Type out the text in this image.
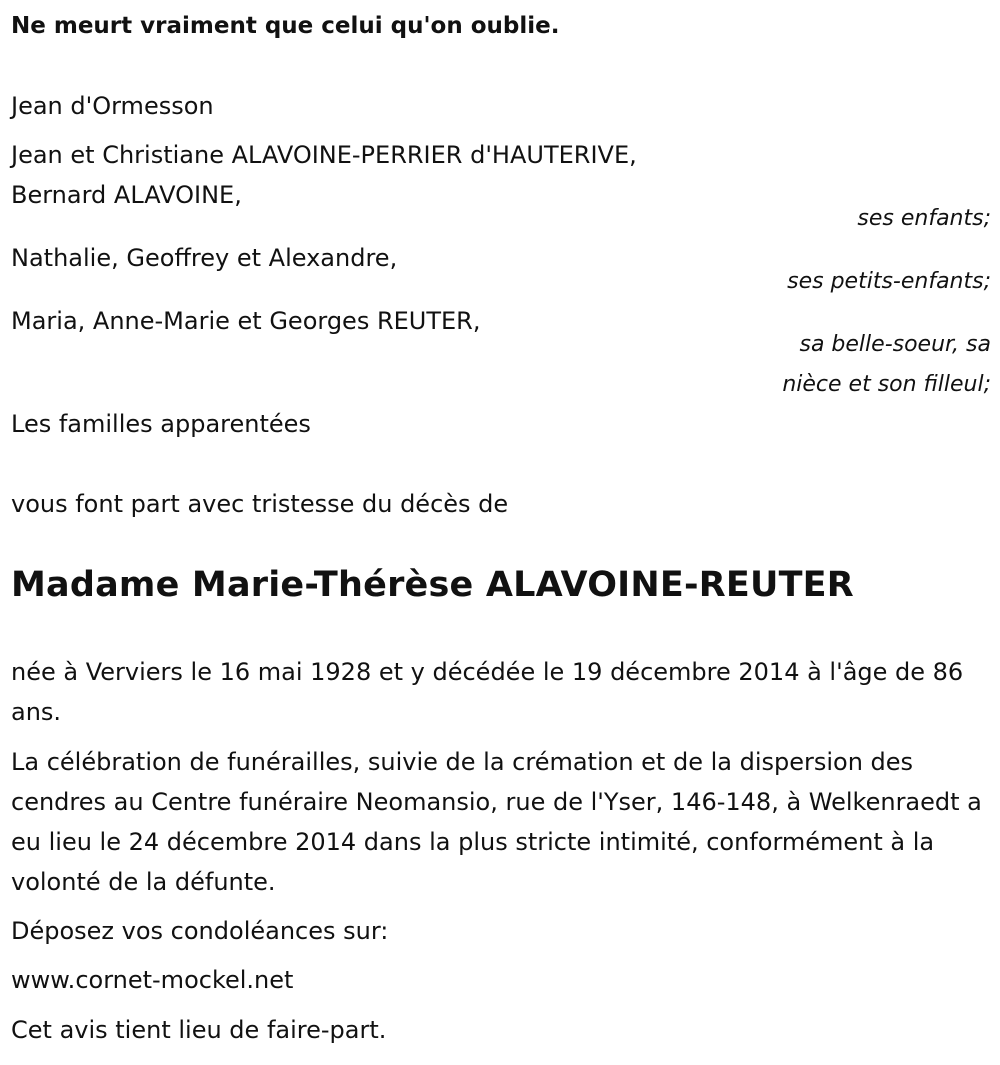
Ne meurt vraiment que celui qu'on oublie.
Jean d'Ormesson
Jean et Christiane ALAVOINE-PERRIER d'HAUTERIVE,
Bernard ALAVOINE,
ses enfants;
Nathalie, Geoffrey et Alexandre,
ses petits-enfants;
Maria, Anne-Marie et Georges REUTER,
sa belle-soeur, sa
nièce et son filleul;
Les familles apparentées
vous font part avec tristesse du décès de
Madame Marie-Thérèse ALAVOINE-REUTER
née à Verviers le 16 mai 1928 et y décédée le 19 décembre 2014 à l'âge de 86 ans.
La célébration de funérailles, suivie de la crémation et de la dispersion des cendres au Centre funéraire Neomansio, rue de l'Yser, 146-148, à Welkenraedt a eu lieu le 24 décembre 2014 dans la plus stricte intimité, conformément à la volonté de la défunte.
Déposez vos condoléances sur:
www.cornet-mockel.net
Cet avis tient lieu de faire-part.
